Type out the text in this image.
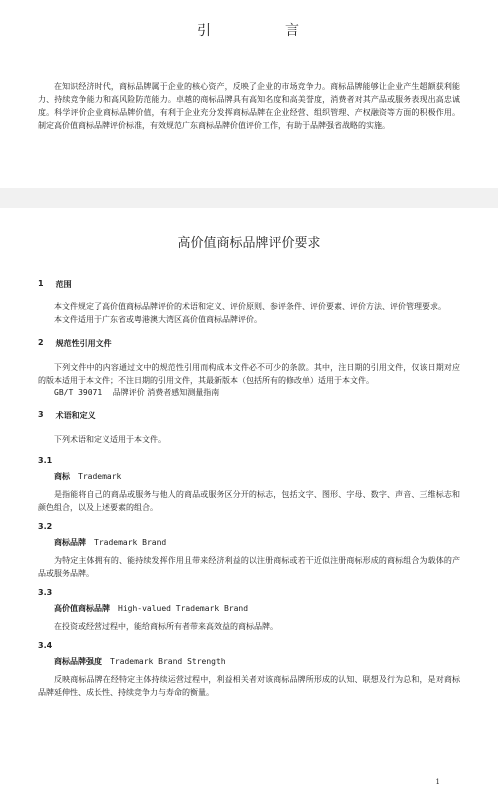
引　言

在知识经济时代，商标品牌属于企业的核心资产，反映了企业的市场竞争力。商标品牌能够让企业产生超额获利能力、持续竞争能力和高风险防范能力。卓越的商标品牌具有高知名度和高美誉度，消费者对其产品或服务表现出高忠诚度。科学评价企业商标品牌价值，有利于企业充分发挥商标品牌在企业经营、组织管理、产权融资等方面的积极作用。制定高价值商标品牌评价标准，有效规范广东商标品牌价值评价工作，有助于品牌强省战略的实施。

高价值商标品牌评价要求
1 范围

本文件规定了高价值商标品牌评价的术语和定义、评价原则、参评条件、评价要素、评价方法、评价管理要求。

本文件适用于广东省或粤港澳大湾区高价值商标品牌评价。

2 规范性引用文件

下列文件中的内容通过文中的规范性引用而构成本文件必不可少的条款。其中，注日期的引用文件，仅该日期对应的版本适用于本文件；不注日期的引用文件，其最新版本（包括所有的修改单）适用于本文件。

GB/T 39071　 品牌评价 消费者感知测量指南

3 术语和定义

下列术语和定义适用于本文件。

3.1

商标 Trademark

是指能将自己的商品或服务与他人的商品或服务区分开的标志，包括文字、图形、字母、数字、声音、三维标志和颜色组合，以及上述要素的组合。

3.2

商标品牌 Trademark Brand

为特定主体拥有的、能持续发挥作用且带来经济利益的以注册商标或若干近似注册商标形成的商标组合为载体的产品或服务品牌。

3.3

高价值商标品牌 High-valued Trademark Brand

在投资或经营过程中，能给商标所有者带来高效益的商标品牌。

3.4

商标品牌强度 Trademark Brand Strength

反映商标品牌在经特定主体持续运营过程中，利益相关者对该商标品牌所形成的认知、联想及行为总和，是对商标品牌延伸性、成长性、持续竞争力与寿命的衡量。

1
